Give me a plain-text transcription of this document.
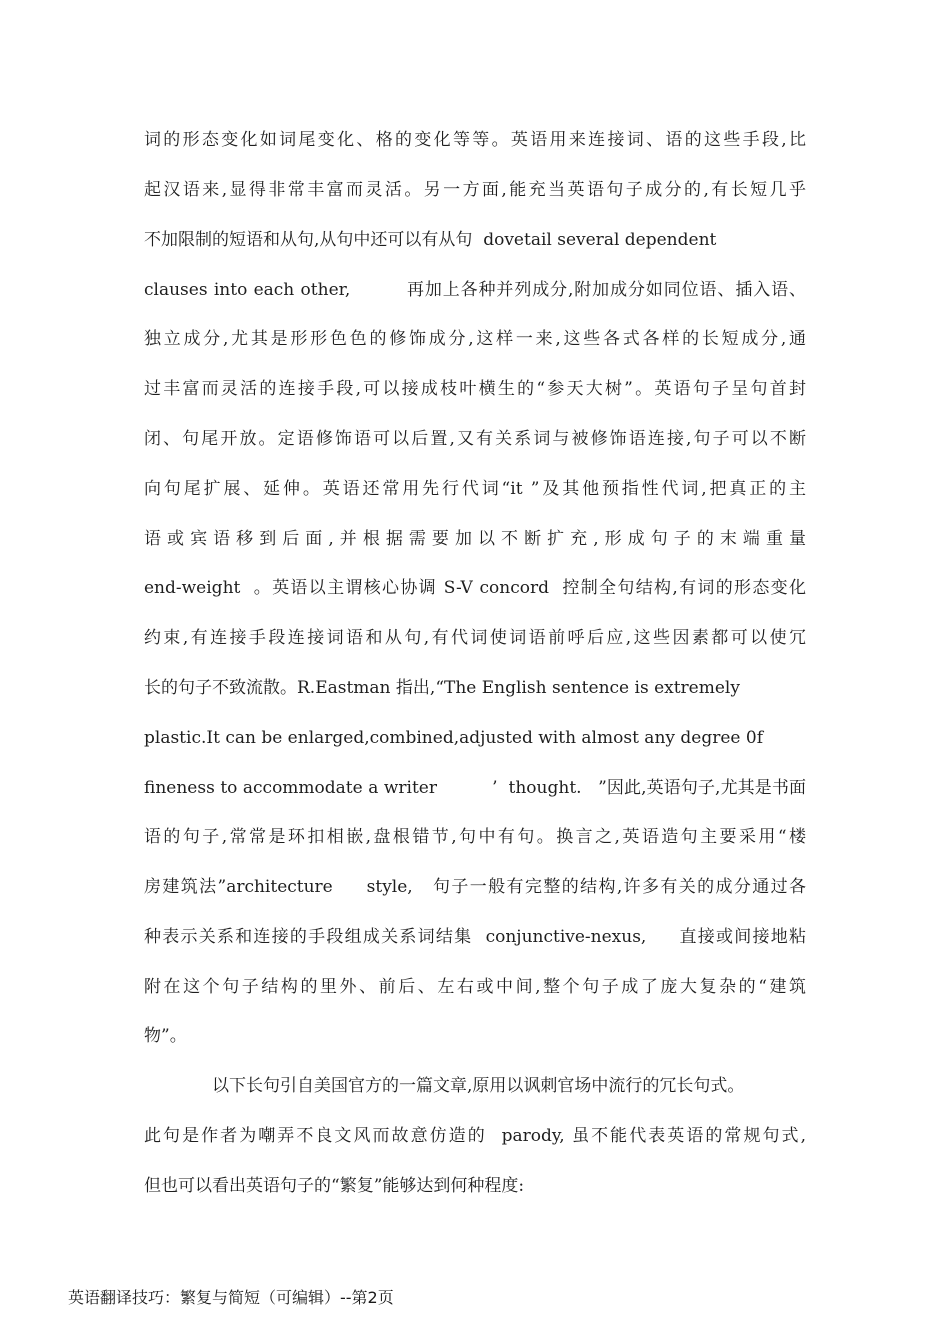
词的形态变化如词尾变化、格的变化等等。英语用来连接词、语的这些手段,比
起汉语来,显得非常丰富而灵活。另一方面,能充当英语句子成分的,有长短几乎
不加限制的短语和从句,从句中还可以有从句  dovetail several dependent
clauses into each other,         再加上各种并列成分,附加成分如同位语、插入语、
独立成分,尤其是形形色色的修饰成分,这样一来,这些各式各样的长短成分,通
过丰富而灵活的连接手段,可以接成枝叶横生的“参天大树”。英语句子呈句首封
闭、句尾开放。定语修饰语可以后置,又有关系词与被修饰语连接,句子可以不断
向句尾扩展、延伸。英语还常用先行代词“it ”及其他预指性代词,把真正的主
语或宾语移到后面,并根据需要加以不断扩充,形成句子的末端重量
end-weight  。英语以主谓核心协调 S-V concord  控制全句结构,有词的形态变化
约束,有连接手段连接词语和从句,有代词使词语前呼后应,这些因素都可以使冗
长的句子不致流散。R.Eastman 指出,“The English sentence is extremely
plastic.It can be enlarged,combined,adjusted with almost any degree 0f
fineness to accommodate a writer          ’  thought.   ”因此,英语句子,尤其是书面
语的句子,常常是环扣相嵌,盘根错节,句中有句。换言之,英语造句主要采用“楼
房建筑法”architecture     style,   句子一般有完整的结构,许多有关的成分通过各
种表示关系和连接的手段组成关系词结集  conjunctive-nexus,     直接或间接地粘
附在这个句子结构的里外、前后、左右或中间,整个句子成了庞大复杂的“建筑
物”。
以下长句引自美国官方的一篇文章,原用以讽刺官场中流行的冗长句式。
此句是作者为嘲弄不良文风而故意仿造的  parody, 虽不能代表英语的常规句式,
但也可以看出英语句子的“繁复”能够达到何种程度:
英语翻译技巧：繁复与简短（可编辑）--第2页
